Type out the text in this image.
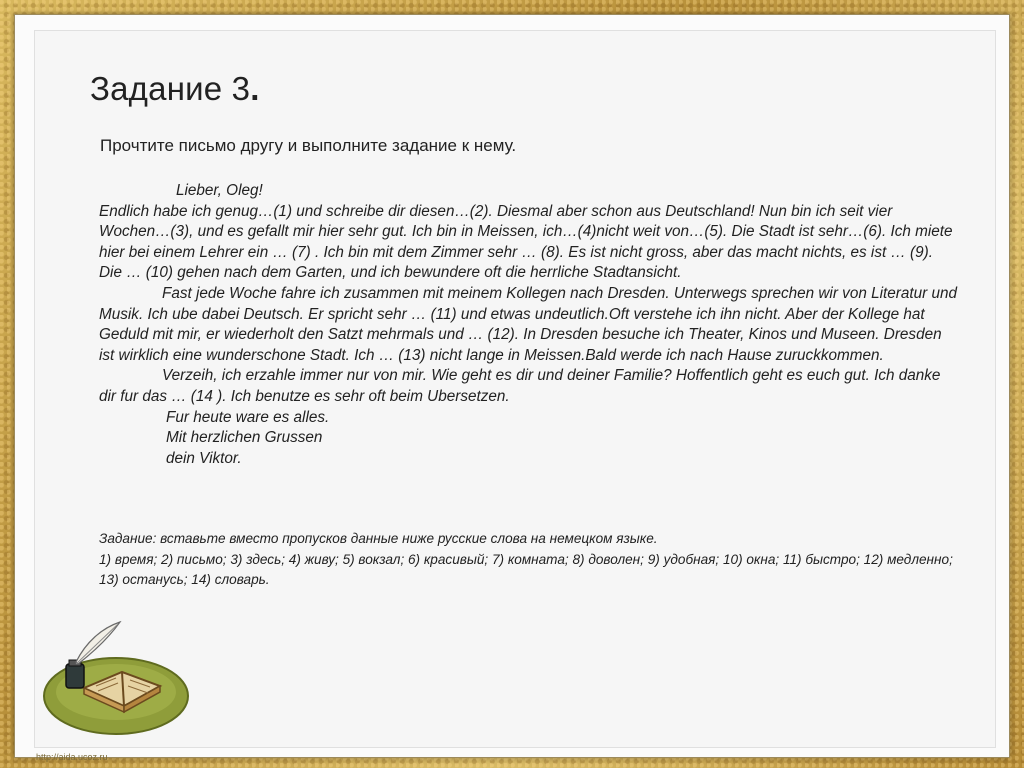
Задание 3.
Прочтите письмо другу и выполните задание к нему.

Lieber, Oleg!

Endlich habe ich genug…(1) und schreibe dir diesen…(2). Diesmal aber schon aus Deutschland! Nun bin ich seit vier Wochen…(3), und es gefallt mir hier sehr gut. Ich bin in Meissen, ich…(4)nicht weit von…(5). Die Stadt ist sehr…(6). Ich miete hier bei einem Lehrer ein … (7) . Ich bin mit dem Zimmer sehr … (8). Es ist nicht gross, aber das macht nichts, es ist … (9). Die … (10) gehen nach dem Garten, und ich bewundere oft die herrliche Stadtansicht.

Fast jede Woche fahre ich zusammen mit meinem Kollegen nach Dresden. Unterwegs sprechen wir von Literatur und Musik. Ich ube dabei Deutsch. Er spricht sehr … (11) und etwas undeutlich.Oft verstehe ich ihn nicht. Aber der Kollege hat Geduld mit mir, er wiederholt den Satzt mehrmals und … (12). In Dresden besuche ich Theater, Kinos und Museen. Dresden ist wirklich eine wunderschone Stadt. Ich … (13) nicht lange in Meissen.Bald werde ich nach Hause zuruckkommen.

Verzeih, ich erzahle immer nur von mir. Wie geht es dir und deiner Familie? Hoffentlich geht es euch gut. Ich danke dir fur das … (14 ). Ich benutze es sehr oft beim Ubersetzen.

Fur heute ware es alles.

Mit herzlichen Grussen

dein Viktor.

Задание: вставьте вместо пропусков данные ниже русские слова на немецком языке.

1) время; 2) письмо; 3) здесь; 4) живу; 5) вокзал; 6) красивый; 7) комната; 8) доволен; 9) удобная; 10) окна; 11) быстро; 12) медленно; 13) останусь; 14) словарь.

http://aida.ucoz.ru
